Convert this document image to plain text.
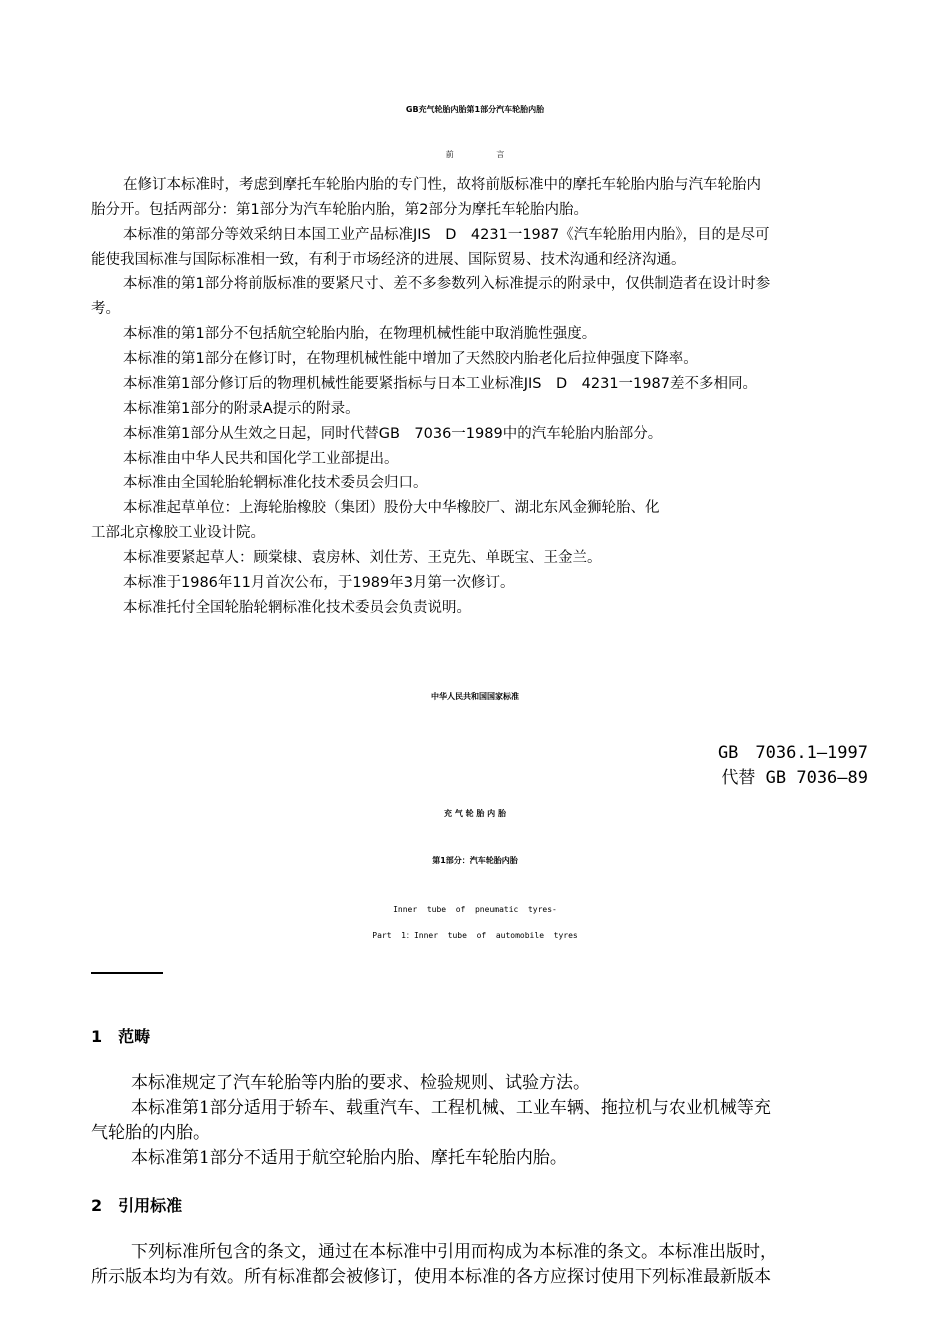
GB充气轮胎内胎第1部分汽车轮胎内胎
前 言
在修订本标准时，考虑到摩托车轮胎内胎的专门性，故将前版标准中的摩托车轮胎内胎与汽车轮胎内
胎分开。包括两部分：第1部分为汽车轮胎内胎，第2部分为摩托车轮胎内胎。
本标准的第部分等效采纳日本国工业产品标准JIS　D　4231一1987《汽车轮胎用内胎》，目的是尽可
能使我国标准与国际标准相一致，有利于市场经济的进展、国际贸易、技术沟通和经济沟通。
本标准的第1部分将前版标准的要紧尺寸、差不多参数列入标准提示的附录中，仅供制造者在设计时参
考。
本标准的第1部分不包括航空轮胎内胎，在物理机械性能中取消脆性强度。
本标准的第1部分在修订时，在物理机械性能中增加了天然胶内胎老化后拉伸强度下降率。
本标准第1部分修订后的物理机械性能要紧指标与日本工业标准JIS　D　4231一1987差不多相同。
本标准第1部分的附录A提示的附录。
本标准第1部分从生效之日起，同时代替GB　7036一1989中的汽车轮胎内胎部分。
本标准由中华人民共和国化学工业部提出。
本标准由全国轮胎轮辋标准化技术委员会归口。
本标准起草单位：上海轮胎橡胶（集团）股份大中华橡胶厂、湖北东风金狮轮胎、化
工部北京橡胶工业设计院。
本标准要紧起草人：顾棠棣、袁房林、刘仕芳、王克先、单既宝、王金兰。
本标准于1986年11月首次公布，于1989年3月第一次修订。
本标准托付全国轮胎轮辋标准化技术委员会负责说明。
中华人民共和国国家标准
GB　7036.1—1997
代替 GB 7036—89
充 气 轮 胎 内 胎
第1部分：汽车轮胎内胎
Inner  tube  of  pneumatic  tyres-
Part  1：Inner  tube  of  automobile  tyres
1　范畴
本标准规定了汽车轮胎等内胎的要求、检验规则、试验方法。
本标准第1部分适用于轿车、载重汽车、工程机械、工业车辆、拖拉机与农业机械等充
气轮胎的内胎。
本标准第1部分不适用于航空轮胎内胎、摩托车轮胎内胎。
2　引用标准
下列标准所包含的条文，通过在本标准中引用而构成为本标准的条文。本标准出版时，
所示版本均为有效。所有标准都会被修订，使用本标准的各方应探讨使用下列标准最新版本
